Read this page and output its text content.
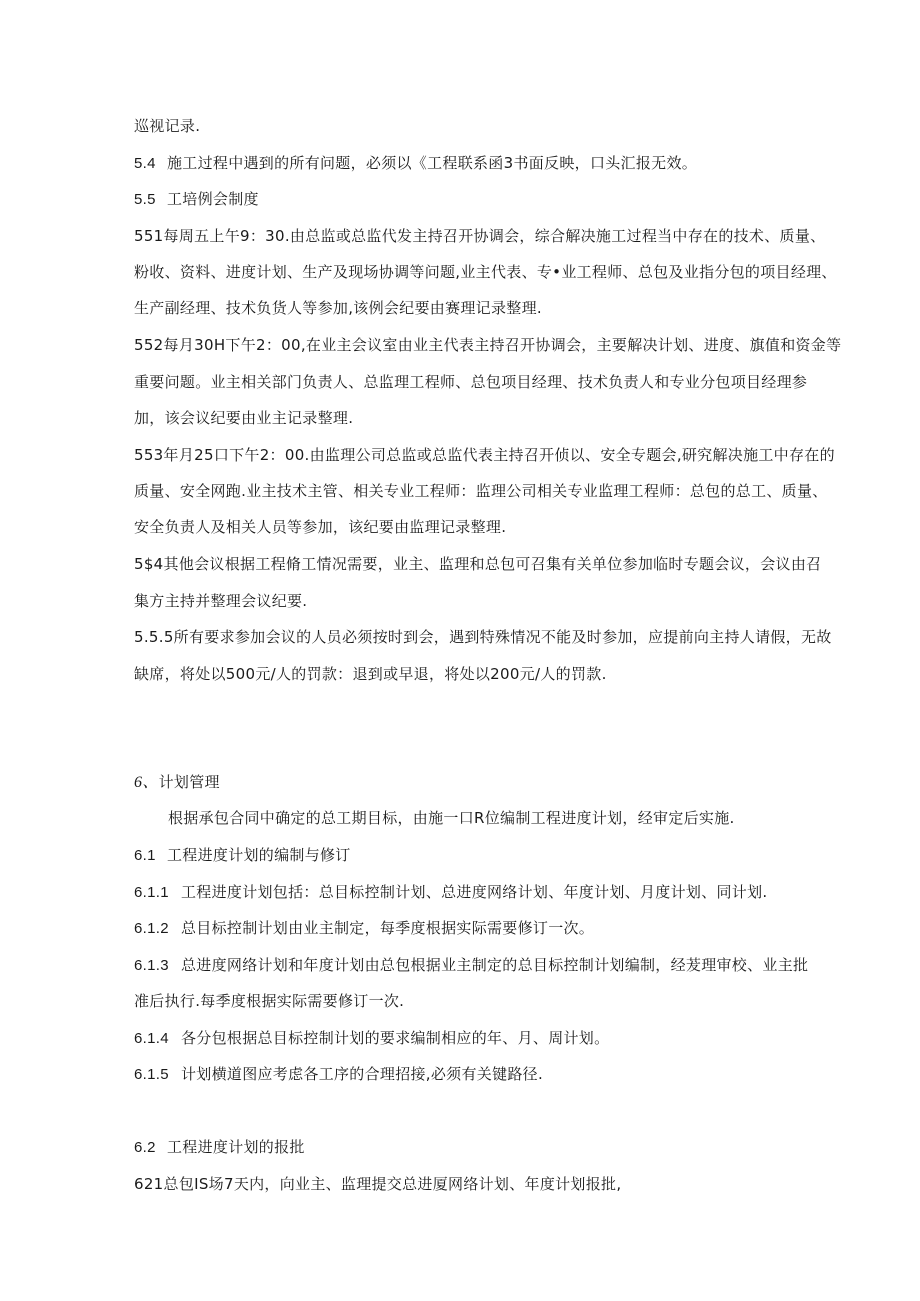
巡视记录.
5.4 施工过程中遇到的所有问题，必须以《工程联系函3书面反映，口头汇报无效。
5.5 工培例会制度
551每周五上午9：30.由总监或总监代发主持召开协调会，综合解决施工过程当中存在的技术、质量、
粉收、资料、进度计划、生产及现场协调等问题,业主代表、专•业工程师、总包及业指分包的项目经理、
生产副经理、技术负货人等参加,该例会纪要由赛理记录整理.
552每月30H下午2：00,在业主会议室由业主代表主持召开协调会，主要解决计划、进度、旗值和资金等
重要问题。业主相关部门负责人、总监理工程师、总包项目经理、技术负责人和专业分包项目经理参
加，该会议纪要由业主记录整理.
553年月25口下午2：00.由监理公司总监或总监代表主持召开侦以、安全专题会,研究解决施工中存在的
质量、安全网跑.业主技术主管、相关专业工程师：监理公司相关专业监理工程师：总包的总工、质量、
安全负责人及相关人员等参加，该纪要由监理记录整理.
5$4其他会议根据工程脩工情况需要，业主、监理和总包可召集有关单位参加临时专题会议，会议由召
集方主持并整理会议纪要.
5.5.5所有要求参加会议的人员必须按时到会，遇到特殊情况不能及时参加，应提前向主持人请假，无故
缺席，将处以500元/人的罚款：退到或早退，将处以200元/人的罚款.
6、计划管理
根据承包合同中确定的总工期目标，由施一口R位编制工程进度计划，经审定后实施.
6.1 工程进度计划的编制与修订
6.1.1 工程进度计划包括：总目标控制计划、总进度网络计划、年度计划、月度计划、同计划.
6.1.2 总目标控制计划由业主制定，每季度根据实际需要修订一次。
6.1.3 总进度网络计划和年度计划由总包根据业主制定的总目标控制计划编制，经茇理审校、业主批
准后执行.每季度根据实际需要修订一次.
6.1.4 各分包根据总目标控制计划的要求编制相应的年、月、周计划。
6.1.5 计划横道图应考虑各工序的合理招接,必须有关键路径.
6.2 工程进度计划的报批
621总包IS场7天内，向业主、监理提交总进厦网络计划、年度计划报批,
